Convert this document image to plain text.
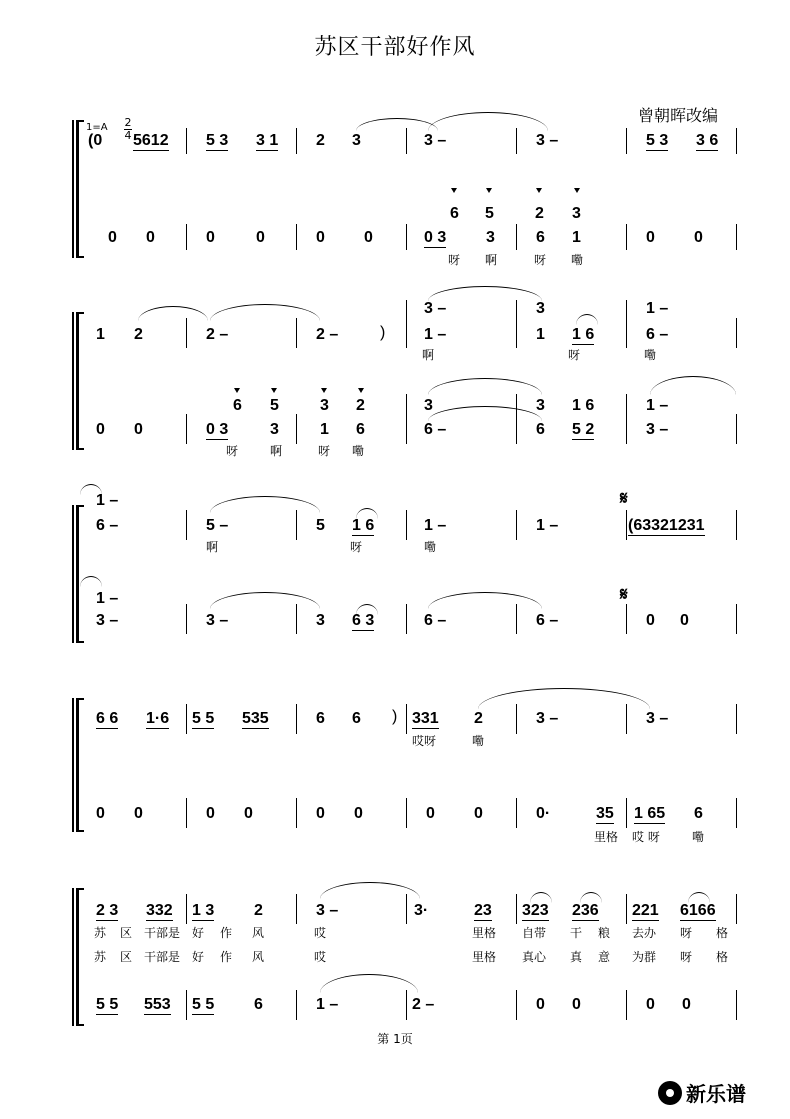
苏区干部好作风
曾朝晖改编
1=A 2
4
(0 5612 5 3 3 1 2 3	3 –	3 –	5 3 3 6
6 5	2 3
0 0	0	0	0 0	0 3 3	6 1	0 0
呀 啊	呀 嘞
3 –	3	1 –
1 2	2 –	2 –	) 1 –	1 1 6	6 –
啊	呀	嘞
6 5	3 2	3	3 1 6	1 –
0 0	0 3	3	1 6	6 –	6 5 2	3 –
呀	啊	呀 嘞
1 –
6 –	5 –	5 1 6	1 –	1 –	(63321231
𝄋
啊	呀	嘞
1 –
3 –	3 –	3 6 3	6 –	6 –	0 0
𝄋
6 6 1·6 5 5 535	6 6 ) 331 2	3 –	3 –
哎呀	嘞
0 0	0 0	0 0	0 0	0·	35 1 65 6
里格 哎 呀	嘞
2 3 332 1 3 2	3 –	3·	23 323 236 221 6166
苏 区 干部是 好 作 风	哎	里格 自带 干 粮 去办 呀 格
苏 区 干部是 好 作 风	哎	里格 真心 真 意 为群 呀 格
5 5 553 5 5 6	1 –	2 –	0 0	0 0
第 1页
新乐谱
